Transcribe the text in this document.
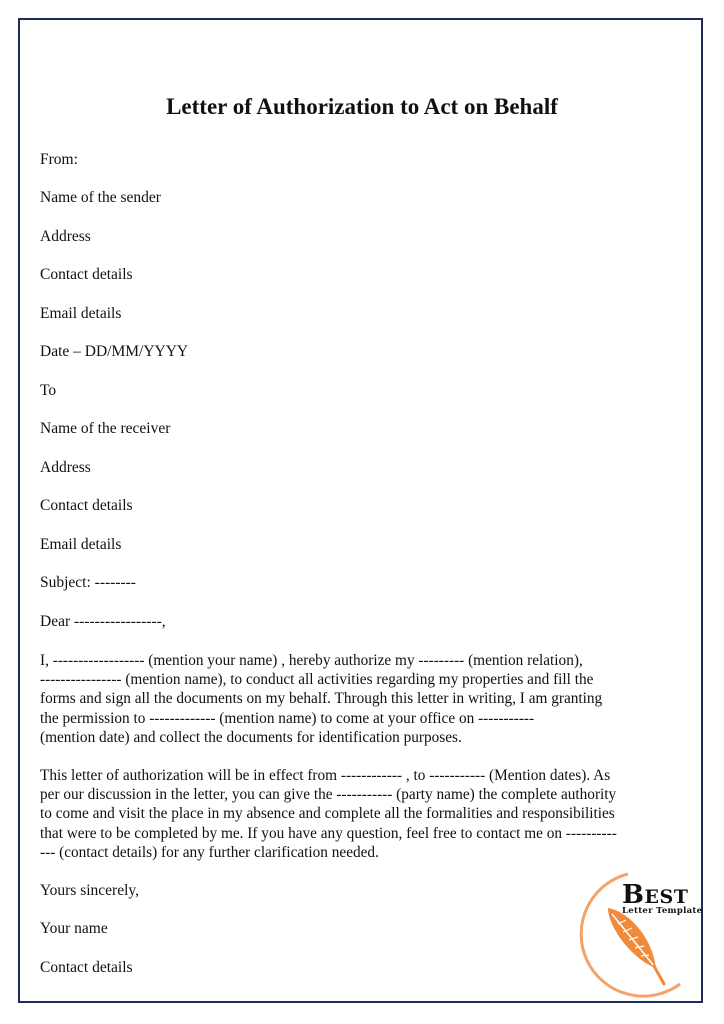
Letter of Authorization to Act on Behalf
From:
Name of the sender
Address
Contact details
Email details
Date – DD/MM/YYYY
To
Name of the receiver
Address
Contact details
Email details
Subject: --------
Dear -----------------,
I, ------------------ (mention your name) , hereby authorize my --------- (mention relation),
---------------- (mention name), to conduct all activities regarding my properties and fill the
forms and sign all the documents on my behalf. Through this letter in writing, I am granting
the permission to ------------- (mention name) to come at your office on -----------
(mention date) and collect the documents for identification purposes.
This letter of authorization will be in effect from ------------ , to ----------- (Mention dates). As
per our discussion in the letter, you can give the ----------- (party name) the complete authority
to come and visit the place in my absence and complete all the formalities and responsibilities
that were to be completed by me. If you have any question, feel free to contact me on ----------
--- (contact details) for any further clarification needed.
Yours sincerely,
Your name
Contact details
BEST
Letter Template
